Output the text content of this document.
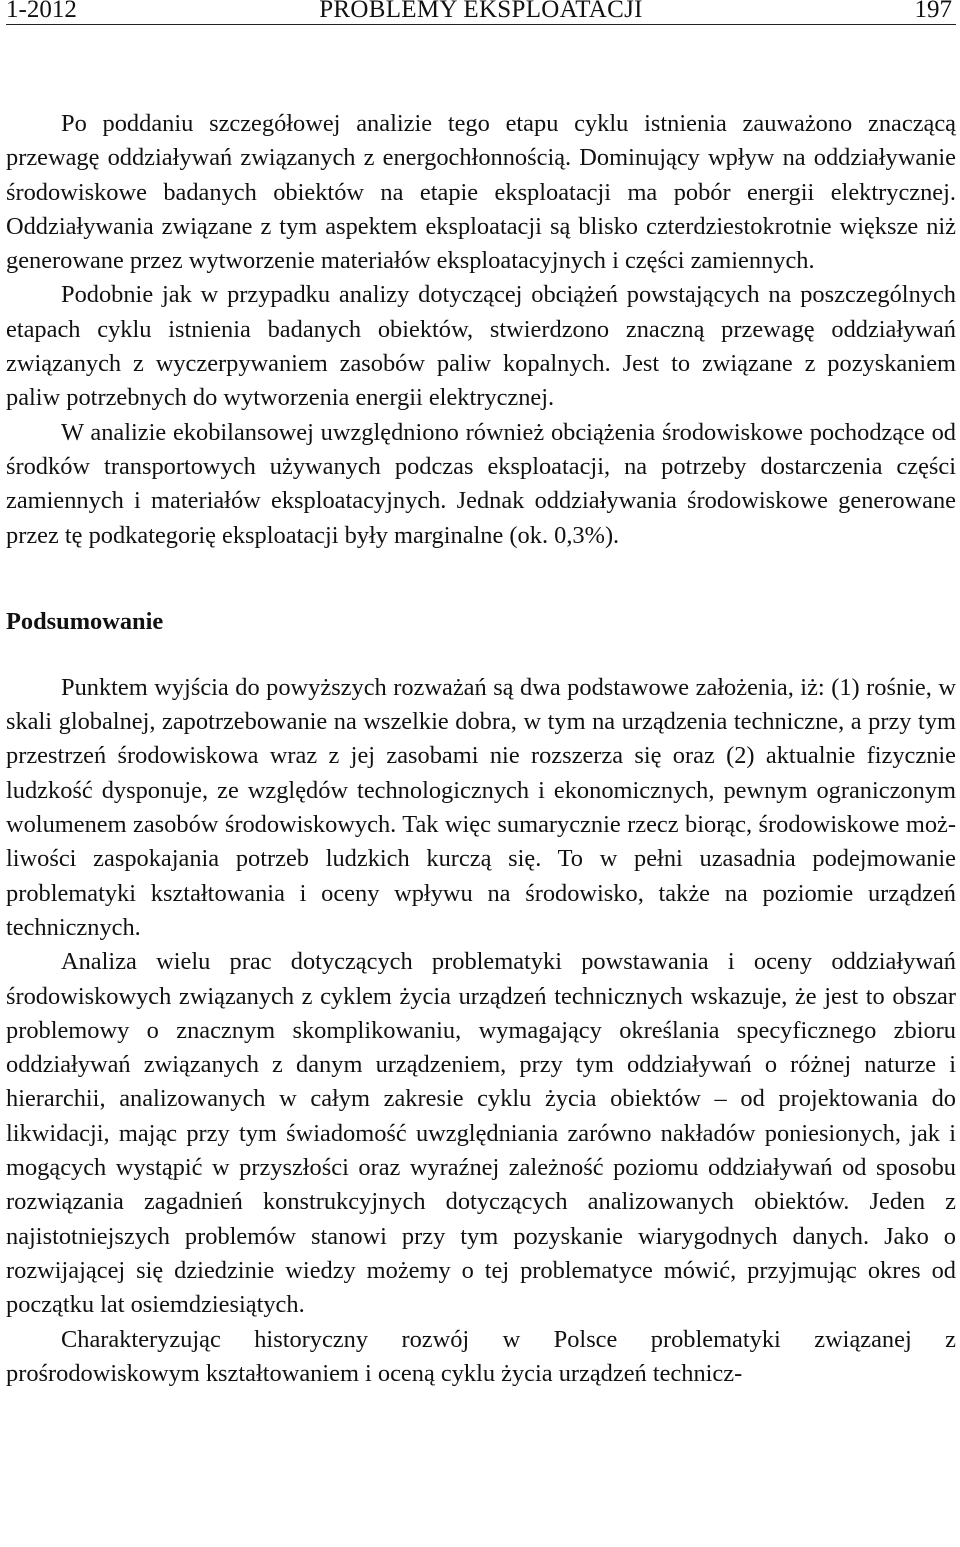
1-2012	PROBLEMY EKSPLOATACJI	197

Po poddaniu szczegółowej analizie tego etapu cyklu istnienia zauważono znaczącą przewagę oddziaływań związanych z energochłonnością. Dominujący wpływ na oddziaływanie środowiskowe badanych obiektów na etapie eksploatacji ma pobór energii elektrycznej. Oddziaływania związane z tym aspektem eksploatacji są blisko czterdziestokrotnie większe niż generowane przez wytworzenie materiałów eksploatacyjnych i części zamiennych.

Podobnie jak w przypadku analizy dotyczącej obciążeń powstających na poszczególnych etapach cyklu istnienia badanych obiektów, stwierdzono znaczną przewagę oddziaływań związanych z wyczerpywaniem zasobów paliw kopalnych. Jest to związane z pozyskaniem paliw potrzebnych do wytworzenia energii elektrycznej.

W analizie ekobilansowej uwzględniono również obciążenia środowiskowe pochodzące od środków transportowych używanych podczas eksploatacji, na potrzeby dostarczenia części zamiennych i materiałów eksploatacyjnych. Jednak oddziaływania środowiskowe generowane przez tę podkategorię eksploatacji były marginalne (ok. 0,3%).

Podsumowanie

Punktem wyjścia do powyższych rozważań są dwa podstawowe założenia, iż: (1) rośnie, w skali globalnej, zapotrzebowanie na wszelkie dobra, w tym na urządzenia techniczne, a przy tym przestrzeń środowiskowa wraz z jej zasobami nie rozszerza się oraz (2) aktualnie fizycznie ludzkość dysponuje, ze względów technologicznych i ekonomicznych, pewnym ograniczonym wolumenem zasobów środowiskowych. Tak więc sumarycznie rzecz biorąc, środowiskowe możliwości zaspokajania potrzeb ludzkich kurczą się. To w pełni uzasadnia podejmowanie problematyki kształtowania i oceny wpływu na środowisko, także na poziomie urządzeń technicznych.

Analiza wielu prac dotyczących problematyki powstawania i oceny oddziaływań środowiskowych związanych z cyklem życia urządzeń technicznych wskazuje, że jest to obszar problemowy o znacznym skomplikowaniu, wymagający określania specyficznego zbioru oddziaływań związanych z danym urządzeniem, przy tym oddziaływań o różnej naturze i hierarchii, analizowanych w całym zakresie cyklu życia obiektów – od projektowania do likwidacji, mając przy tym świadomość uwzględniania zarówno nakładów poniesionych, jak i mogących wystąpić w przyszłości oraz wyraźnej zależność poziomu oddziaływań od sposobu rozwiązania zagadnień konstrukcyjnych dotyczących analizowanych obiektów. Jeden z najistotniejszych problemów stanowi przy tym pozyskanie wiarygodnych danych. Jako o rozwijającej się dziedzinie wiedzy możemy o tej problematyce mówić, przyjmując okres od początku lat osiemdziesiątych.

Charakteryzując historyczny rozwój w Polsce problematyki związanej z prośrodowiskowym kształtowaniem i oceną cyklu życia urządzeń technicz-
